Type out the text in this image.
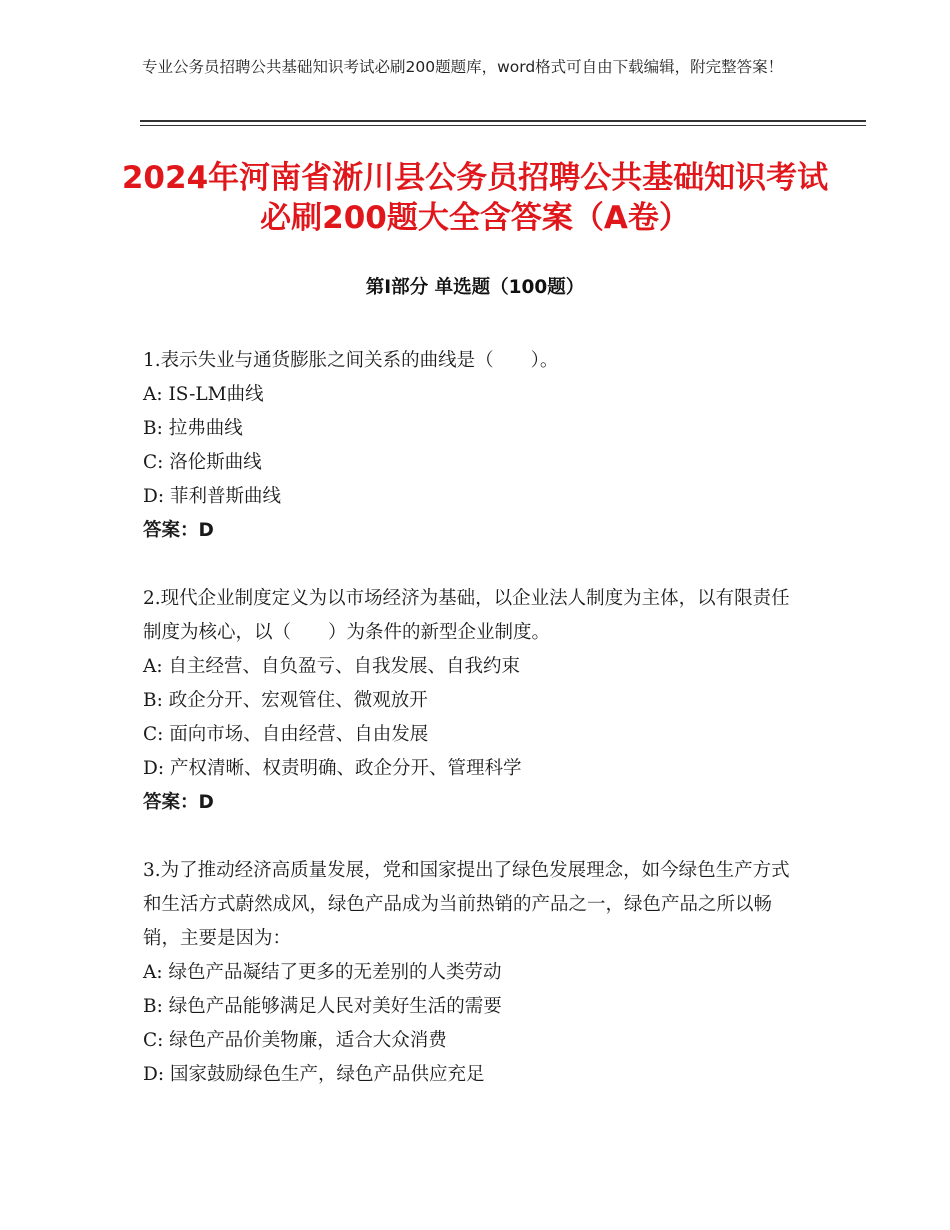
专业公务员招聘公共基础知识考试必刷200题题库，word格式可自由下载编辑，附完整答案！
2024年河南省淅川县公务员招聘公共基础知识考试必刷200题大全含答案（A卷）
第I部分 单选题（100题）

1.表示失业与通货膨胀之间关系的曲线是（　　）。

A: IS-LM曲线

B: 拉弗曲线

C: 洛伦斯曲线

D: 菲利普斯曲线

答案：D

2.现代企业制度定义为以市场经济为基础，以企业法人制度为主体，以有限责任制度为核心，以（　　）为条件的新型企业制度。

A: 自主经营、自负盈亏、自我发展、自我约束

B: 政企分开、宏观管住、微观放开

C: 面向市场、自由经营、自由发展

D: 产权清晰、权责明确、政企分开、管理科学

答案：D

3.为了推动经济高质量发展，党和国家提出了绿色发展理念，如今绿色生产方式和生活方式蔚然成风，绿色产品成为当前热销的产品之一，绿色产品之所以畅销，主要是因为：

A: 绿色产品凝结了更多的无差别的人类劳动

B: 绿色产品能够满足人民对美好生活的需要

C: 绿色产品价美物廉，适合大众消费

D: 国家鼓励绿色生产，绿色产品供应充足
